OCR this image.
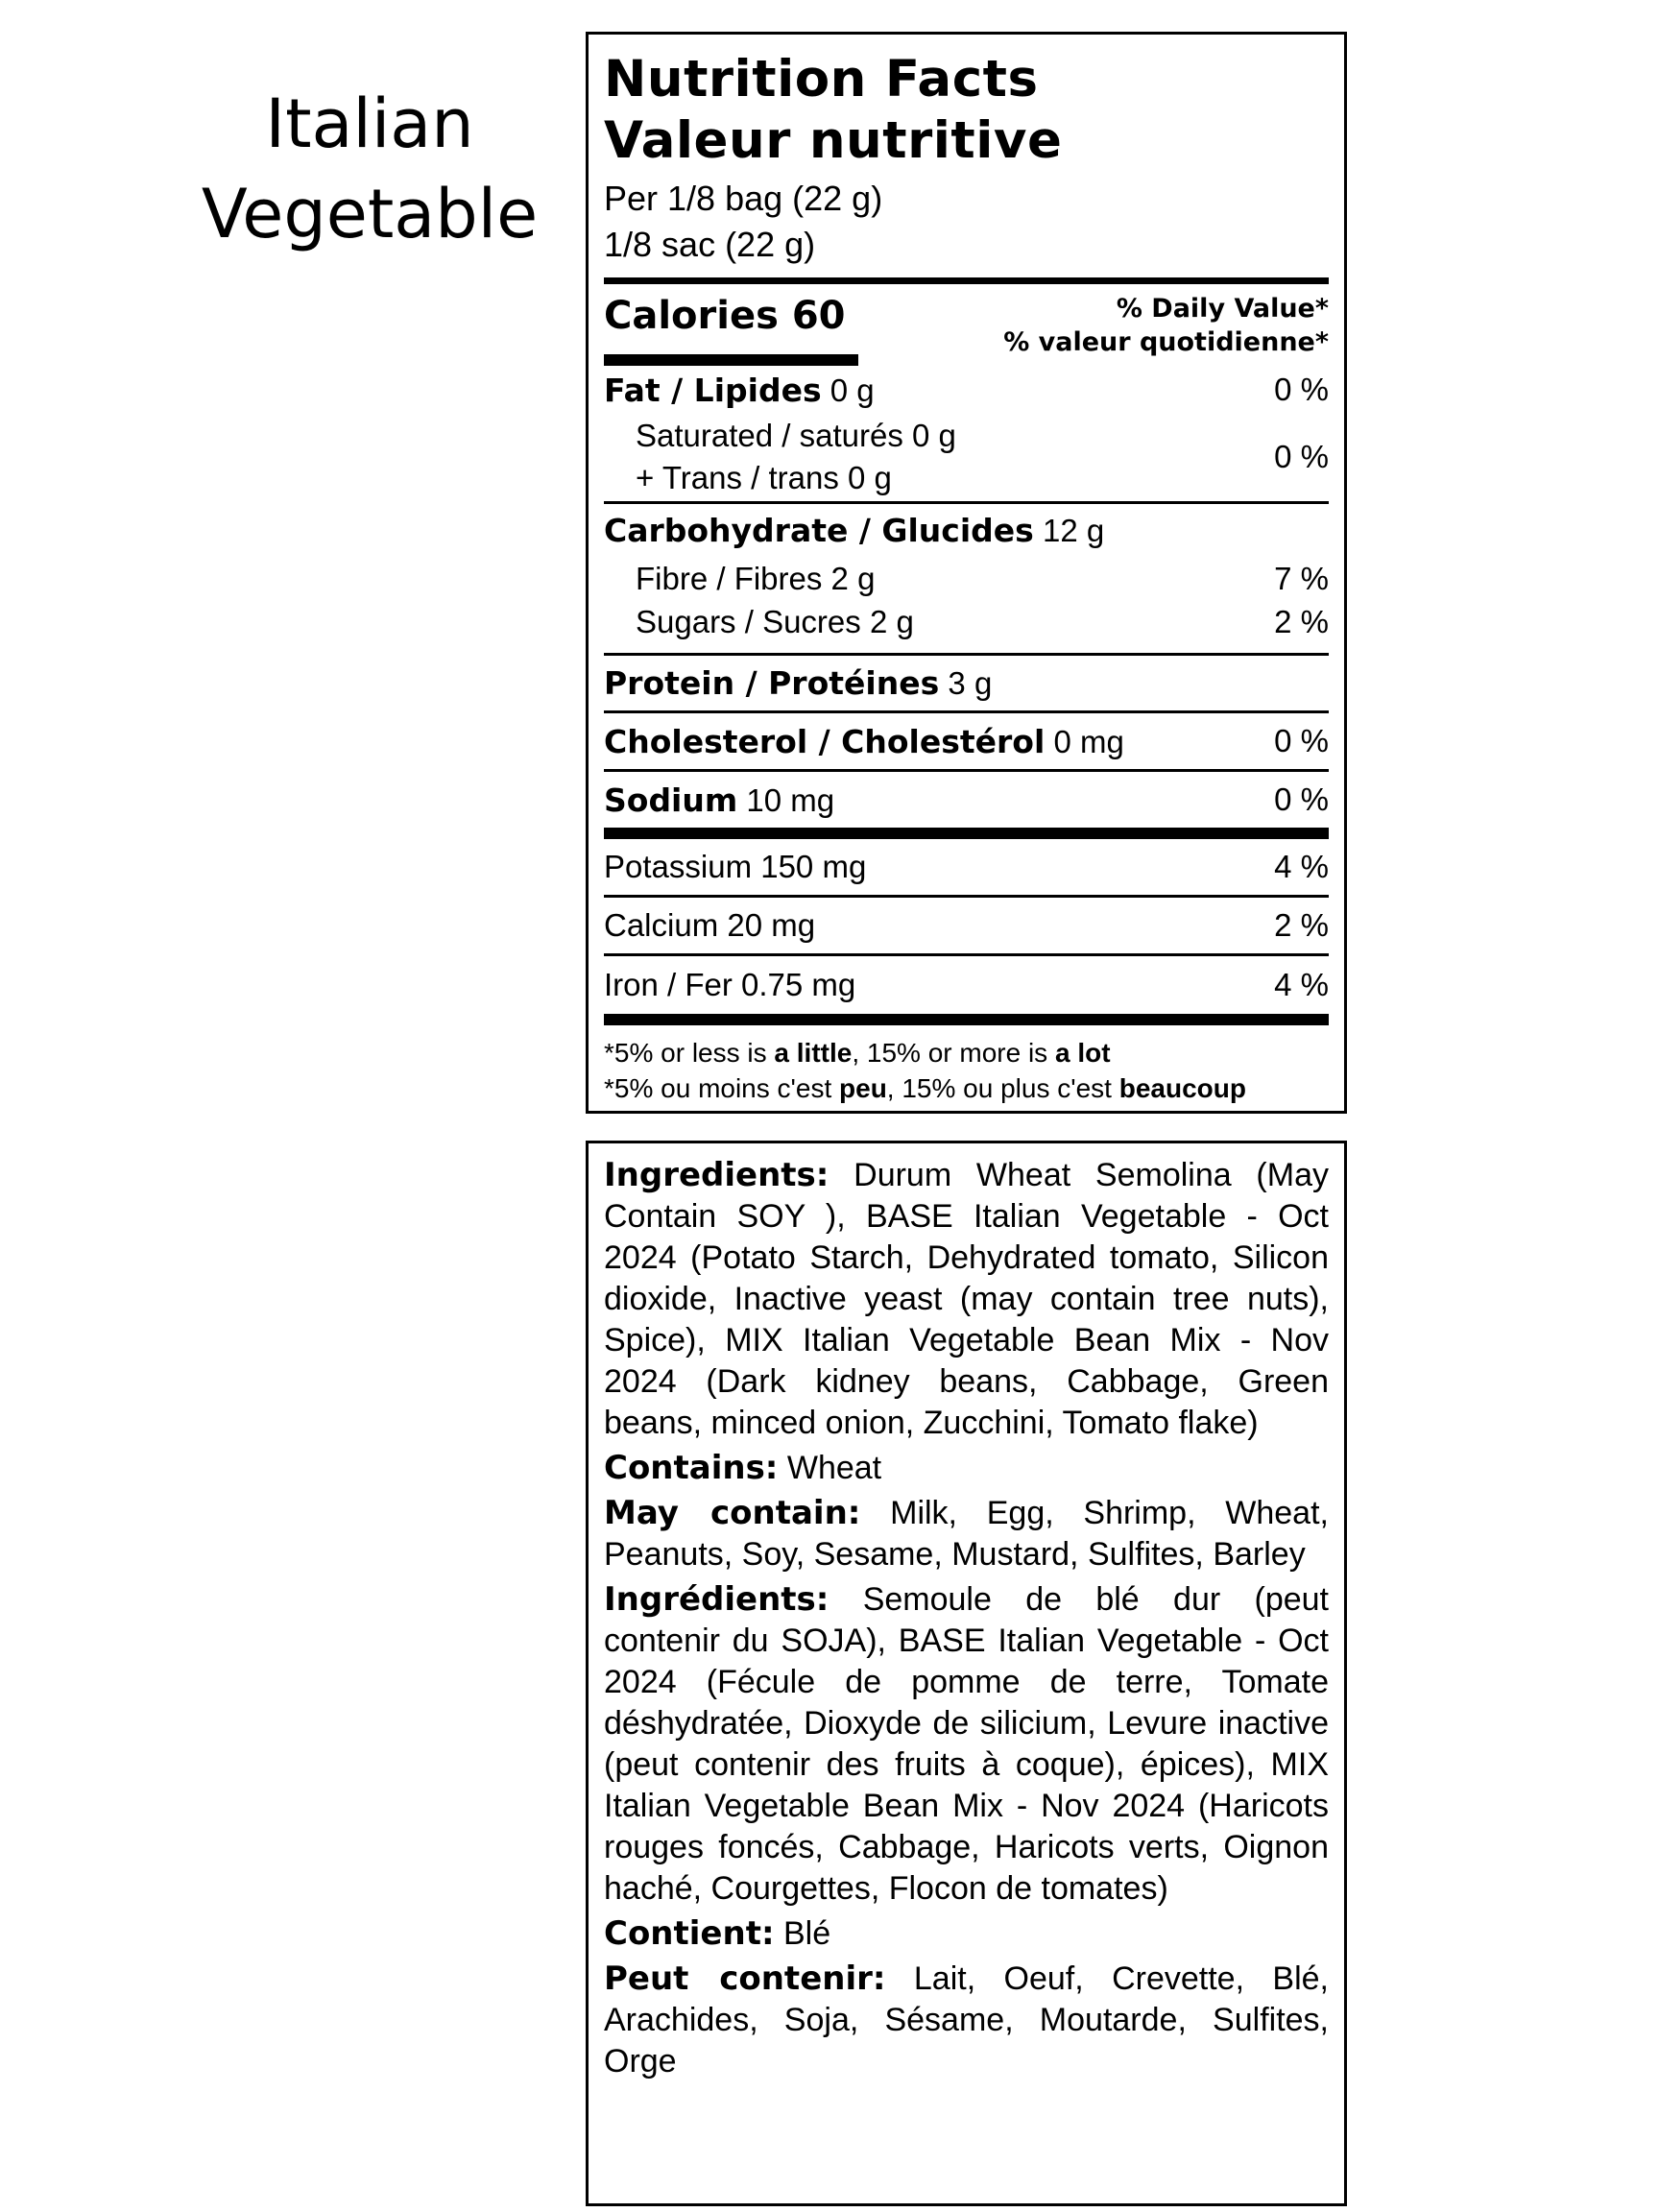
Italian
Vegetable
Nutrition Facts
Valeur nutritive
Per 1/8 bag (22 g)
1/8 sac (22 g)
Calories 60	% Daily Value*
% valeur quotidienne*
Fat / Lipides 0 g	0 %
Saturated / saturés 0 g
+ Trans / trans 0 g
0 %
Carbohydrate / Glucides 12 g
Fibre / Fibres 2 g	7 %
Sugars / Sucres 2 g	2 %
Protein / Protéines 3 g
Cholesterol / Cholestérol 0 mg	0 %
Sodium 10 mg	0 %
Potassium 150 mg	4 %
Calcium 20 mg	2 %
Iron / Fer 0.75 mg	4 %
*5% or less is a little, 15% or more is a lot
*5% ou moins c'est peu, 15% ou plus c'est beaucoup
Ingredients: Durum Wheat Semolina (May Contain SOY ), BASE Italian Vegetable - Oct 2024 (Potato Starch, Dehydrated tomato, Silicon dioxide, Inactive yeast (may contain tree nuts), Spice), MIX Italian Vegetable Bean Mix - Nov 2024 (Dark kidney beans, Cabbage, Green beans, minced onion, Zucchini, Tomato flake)
Contains: Wheat
May contain: Milk, Egg, Shrimp, Wheat, Peanuts, Soy, Sesame, Mustard, Sulfites, Barley
Ingrédients: Semoule de blé dur (peut contenir du SOJA), BASE Italian Vegetable - Oct 2024 (Fécule de pomme de terre, Tomate déshydratée, Dioxyde de silicium, Levure inactive (peut contenir des fruits à coque), épices), MIX Italian Vegetable Bean Mix - Nov 2024 (Haricots rouges foncés, Cabbage, Haricots verts, Oignon haché, Courgettes, Flocon de tomates)
Contient: Blé
Peut contenir: Lait, Oeuf, Crevette, Blé, Arachides, Soja, Sésame, Moutarde, Sulfites, Orge
